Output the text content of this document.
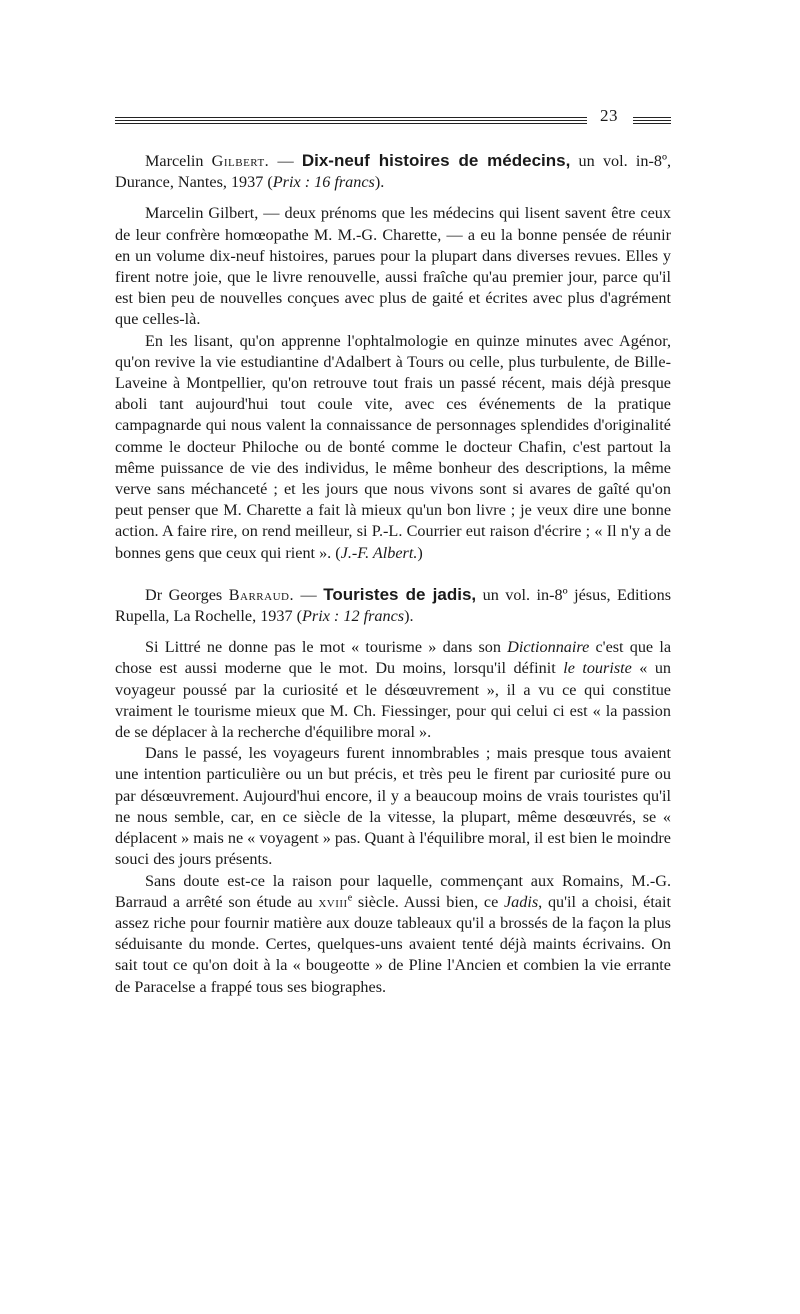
23

Marcelin Gilbert. — Dix-neuf histoires de médecins, un vol. in-8º, Durance, Nantes, 1937 (Prix : 16 francs).

Marcelin Gilbert, — deux prénoms que les médecins qui lisent savent être ceux de leur confrère homœopathe M. M.-G. Charette, — a eu la bonne pensée de réunir en un volume dix-neuf histoires, parues pour la plupart dans diverses revues. Elles y firent notre joie, que le livre renouvelle, aussi fraîche qu'au premier jour, parce qu'il est bien peu de nouvelles conçues avec plus de gaité et écrites avec plus d'agrément que celles-là.

En les lisant, qu'on apprenne l'ophtalmologie en quinze minutes avec Agénor, qu'on revive la vie estudiantine d'Adalbert à Tours ou celle, plus turbulente, de Bille-Laveine à Montpellier, qu'on retrouve tout frais un passé récent, mais déjà presque aboli tant aujourd'hui tout coule vite, avec ces événements de la pratique campagnarde qui nous valent la connaissance de personnages splendides d'originalité comme le docteur Philoche ou de bonté comme le docteur Chafin, c'est partout la même puissance de vie des individus, le même bonheur des descriptions, la même verve sans méchanceté ; et les jours que nous vivons sont si avares de gaîté qu'on peut penser que M. Charette a fait là mieux qu'un bon livre ; je veux dire une bonne action. A faire rire, on rend meilleur, si P.-L. Courrier eut raison d'écrire ; « Il n'y a de bonnes gens que ceux qui rient ». (J.-F. Albert.)

Dr Georges Barraud. — Touristes de jadis, un vol. in-8º jésus, Editions Rupella, La Rochelle, 1937 (Prix : 12 francs).

Si Littré ne donne pas le mot « tourisme » dans son Dictionnaire c'est que la chose est aussi moderne que le mot. Du moins, lorsqu'il définit le touriste « un voyageur poussé par la curiosité et le désœuvrement », il a vu ce qui constitue vraiment le tourisme mieux que M. Ch. Fiessinger, pour qui celui ci est « la passion de se déplacer à la recherche d'équilibre moral ».

Dans le passé, les voyageurs furent innombrables ; mais presque tous avaient une intention particulière ou un but précis, et très peu le firent par curiosité pure ou par désœuvrement. Aujourd'hui encore, il y a beaucoup moins de vrais touristes qu'il ne nous semble, car, en ce siècle de la vitesse, la plupart, même desœuvrés, se « déplacent » mais ne « voyagent » pas. Quant à l'équilibre moral, il est bien le moindre souci des jours présents.

Sans doute est-ce la raison pour laquelle, commençant aux Romains, M.-G. Barraud a arrêté son étude au xviii$^e$ siècle. Aussi bien, ce Jadis, qu'il a choisi, était assez riche pour fournir matière aux douze tableaux qu'il a brossés de la façon la plus séduisante du monde. Certes, quelques-uns avaient tenté déjà maints écrivains. On sait tout ce qu'on doit à la « bougeotte » de Pline l'Ancien et combien la vie errante de Paracelse a frappé tous ses biographes.
